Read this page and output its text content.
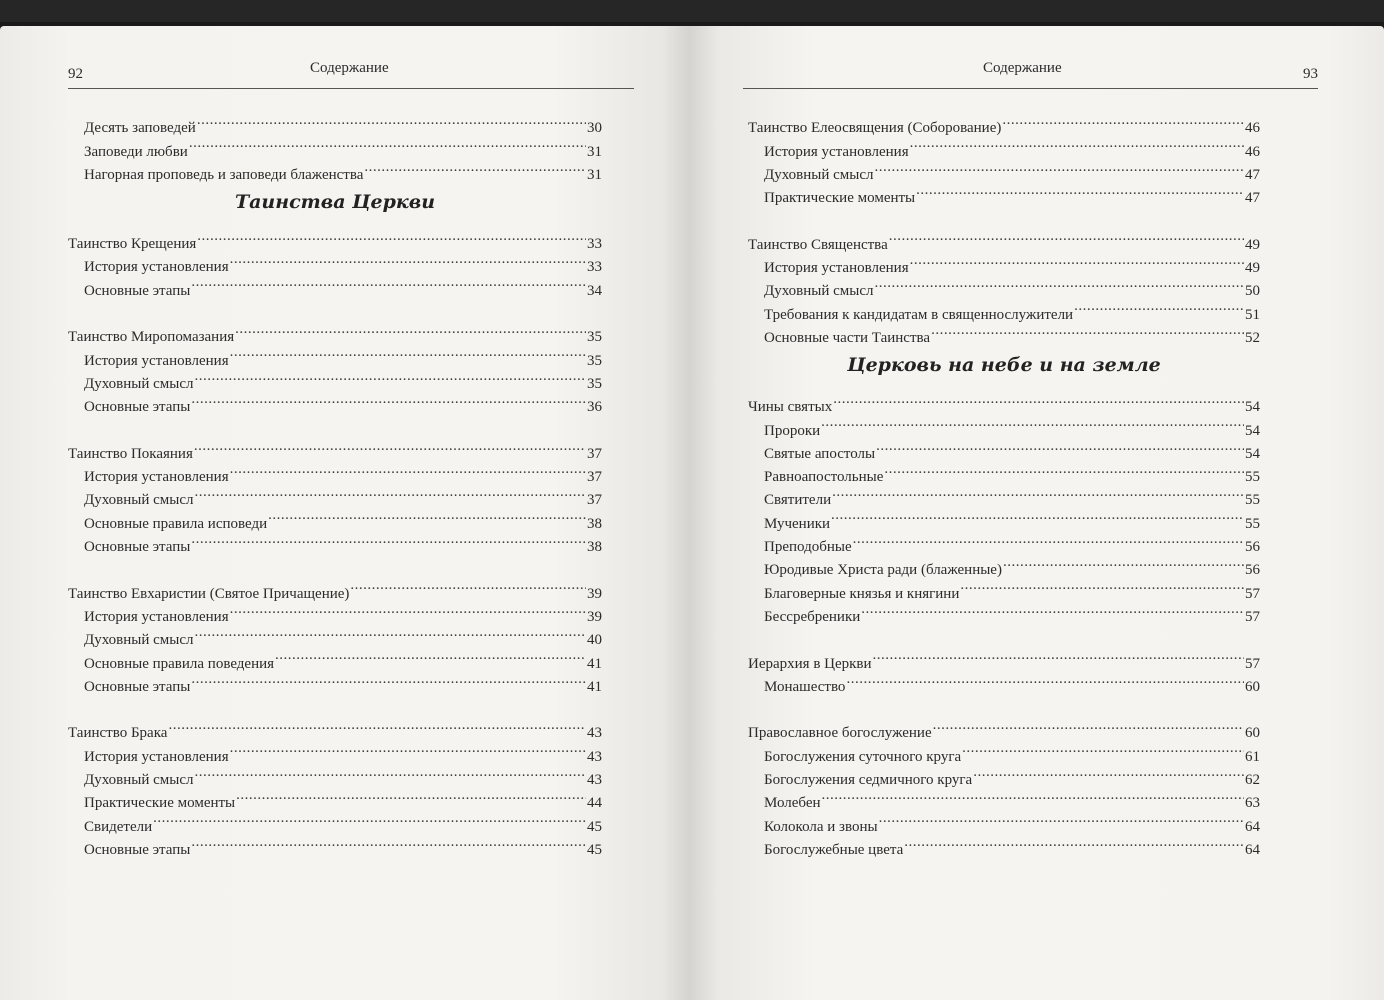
92	Содержание
Десять заповедей .....	30
Заповеди любви .....	31
Нагорная проповедь и заповеди блаженства .....	31
Таинства Церкви
Таинство Крещения .....	33
История установления .....	33
Основные этапы .....	34
Таинство Миропомазания .....	35
История установления .....	35
Духовный смысл .....	35
Основные этапы .....	36
Таинство Покаяния .....	37
История установления .....	37
Духовный смысл .....	37
Основные правила исповеди .....	38
Основные этапы .....	38
Таинство Евхаристии (Святое Причащение) .....	39
История установления .....	39
Духовный смысл .....	40
Основные правила поведения .....	41
Основные этапы .....	41
Таинство Брака .....	43
История установления .....	43
Духовный смысл .....	43
Практические моменты .....	44
Свидетели .....	45
Основные этапы .....	45
Содержание	93
Таинство Елеосвящения (Соборование) .....	46
История установления .....	46
Духовный смысл .....	47
Практические моменты .....	47
Таинство Священства .....	49
История установления .....	49
Духовный смысл .....	50
Требования к кандидатам в священнослужители .....	51
Основные части Таинства .....	52
Церковь на небе и на земле
Чины святых .....	54
Пророки .....	54
Святые апостолы .....	54
Равноапостольные .....	55
Святители .....	55
Мученики .....	55
Преподобные .....	56
Юродивые Христа ради (блаженные) .....	56
Благоверные князья и княгини .....	57
Бессребреники .....	57
Иерархия в Церкви .....	57
Монашество .....	60
Православное богослужение .....	60
Богослужения суточного круга .....	61
Богослужения седмичного круга .....	62
Молебен .....	63
Колокола и звоны .....	64
Богослужебные цвета .....	64
